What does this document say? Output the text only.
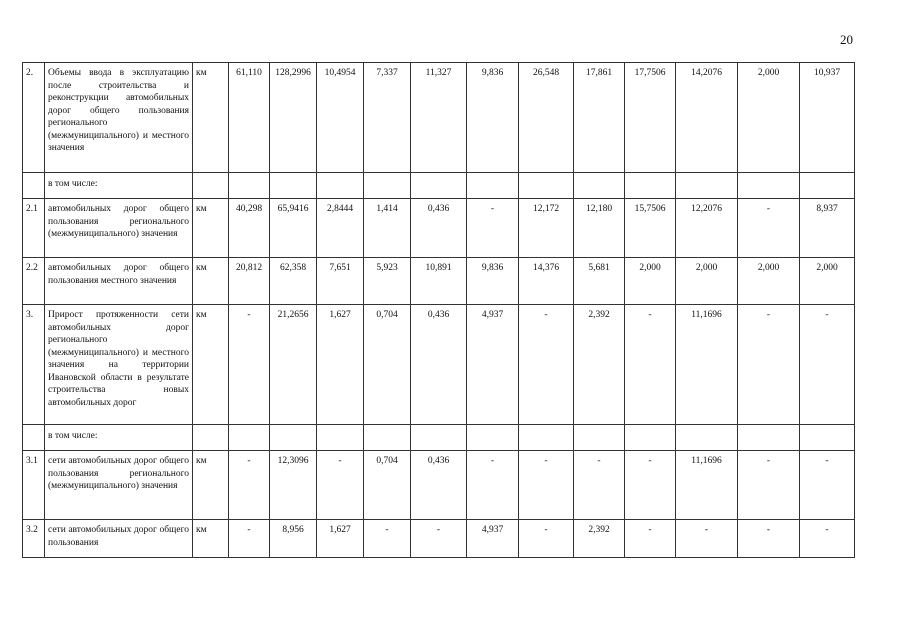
20
2.	Объемы ввода в эксплуатацию после строительства и реконструкции автомобильных дорог общего пользования регионального (межмуниципального) и местного значения	км	61,110	128,2996	10,4954	7,337	11,327	9,836	26,548	17,861	17,7506	14,2076	2,000	10,937
	в том числе:													
2.1	автомобильных дорог общего пользования регионального (межмуниципального) значения	км	40,298	65,9416	2,8444	1,414	0,436	-	12,172	12,180	15,7506	12,2076	-	8,937
2.2	автомобильных дорог общего пользования местного значения	км	20,812	62,358	7,651	5,923	10,891	9,836	14,376	5,681	2,000	2,000	2,000	2,000
3.	Прирост протяженности сети автомобильных дорог регионального (межмуниципального) и местного значения на территории Ивановской области в результате строительства новых автомобильных дорог	км	-	21,2656	1,627	0,704	0,436	4,937	-	2,392	-	11,1696	-	-
	в том числе:													
3.1	сети автомобильных дорог общего пользования регионального (межмуниципального) значения	км	-	12,3096	-	0,704	0,436	-	-	-	-	11,1696	-	-
3.2	сети автомобильных дорог общего пользования	км	-	8,956	1,627	-	-	4,937	-	2,392	-	-	-	-
